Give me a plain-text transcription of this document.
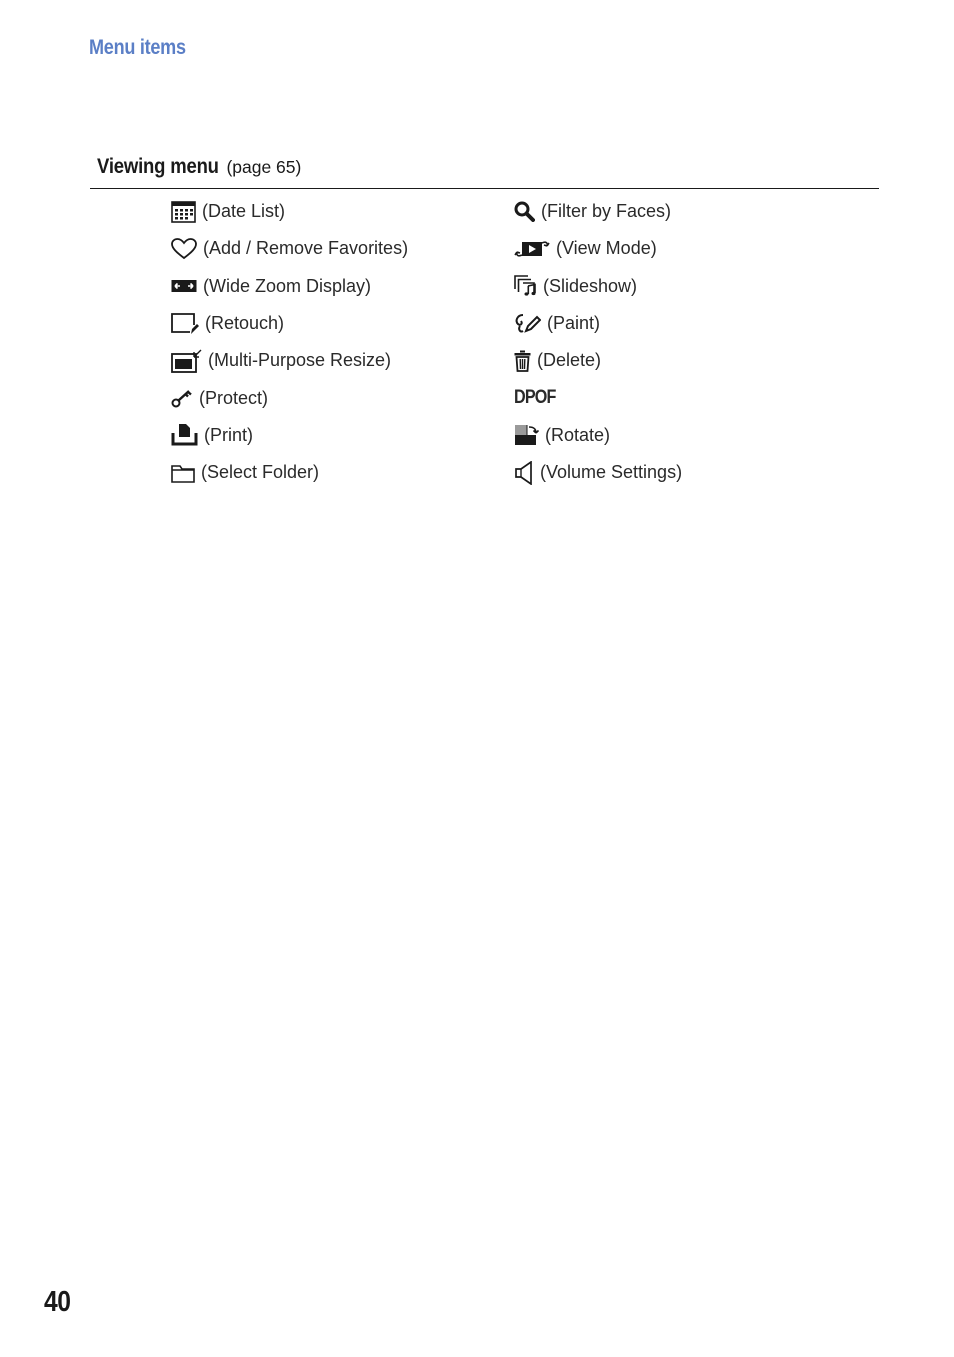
Menu items
Viewing menu (page 65)
(Date List)
(Add / Remove Favorites)
(Wide Zoom Display)
(Retouch)
(Multi-Purpose Resize)
(Protect)
(Print)
(Select Folder)
(Filter by Faces)
(View Mode)
(Slideshow)
(Paint)
(Delete)
DPOF
(Rotate)
(Volume Settings)
40
